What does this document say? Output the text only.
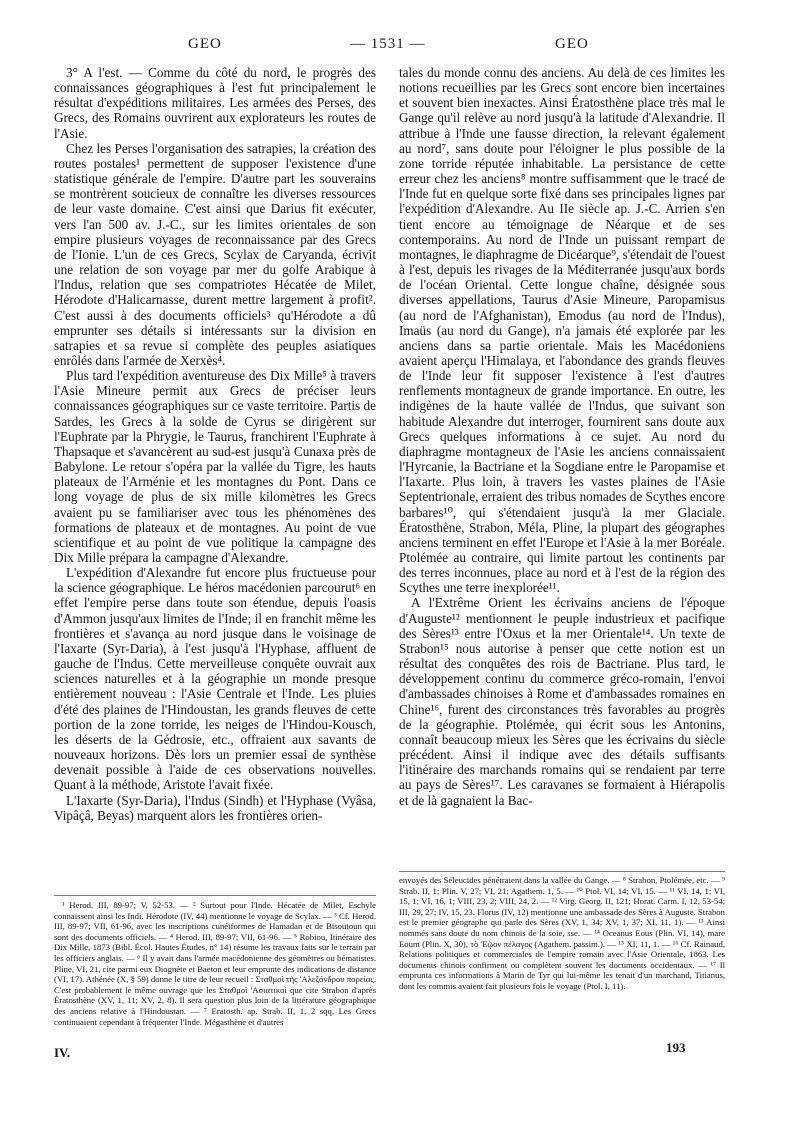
GEO	— 1531 —	GEO

3° A l'est. — Comme du côté du nord, le progrès des connaissances géographiques à l'est fut principalement le résultat d'expéditions militaires. Les armées des Perses, des Grecs, des Romains ouvrirent aux explorateurs les routes de l'Asie.

Chez les Perses l'organisation des satrapies, la création des routes postales¹ permettent de supposer l'existence d'une statistique générale de l'empire. D'autre part les souverains se montrèrent soucieux de connaître les diverses ressources de leur vaste domaine. C'est ainsi que Darius fit exécuter, vers l'an 500 av. J.-C., sur les limites orientales de son empire plusieurs voyages de reconnaissance par des Grecs de l'Ionie. L'un de ces Grecs, Scylax de Caryanda, écrivit une relation de son voyage par mer du golfe Arabique à l'Indus, relation que ses compatriotes Hécatée de Milet, Hérodote d'Halicarnasse, durent mettre largement à profit². C'est aussi à des documents officiels³ qu'Hérodote a dû emprunter ses détails si intéressants sur la division en satrapies et sa revue si complète des peuples asiatiques enrôlés dans l'armée de Xerxès⁴.

Plus tard l'expédition aventureuse des Dix Mille⁵ à travers l'Asie Mineure permit aux Grecs de préciser leurs connaissances géographiques sur ce vaste territoire. Partis de Sardes, les Grecs à la solde de Cyrus se dirigèrent sur l'Euphrate par la Phrygie, le Taurus, franchirent l'Euphrate à Thapsaque et s'avancèrent au sud-est jusqu'à Cunaxa près de Babylone. Le retour s'opéra par la vallée du Tigre, les hauts plateaux de l'Arménie et les montagnes du Pont. Dans ce long voyage de plus de six mille kilomètres les Grecs avaient pu se familiariser avec tous les phénomènes des formations de plateaux et de montagnes. Au point de vue scientifique et au point de vue politique la campagne des Dix Mille prépara la campagne d'Alexandre.

L'expédition d'Alexandre fut encore plus fructueuse pour la science géographique. Le héros macédonien parcourut⁶ en effet l'empire perse dans toute son étendue, depuis l'oasis d'Ammon jusqu'aux limites de l'Inde; il en franchit même les frontières et s'avança au nord jusque dans le voisinage de l'Iaxarte (Syr-Daria), à l'est jusqu'à l'Hyphase, affluent de gauche de l'Indus. Cette merveilleuse conquête ouvrait aux sciences naturelles et à la géographie un monde presque entièrement nouveau : l'Asie Centrale et l'Inde. Les pluies d'été des plaines de l'Hindoustan, les grands fleuves de cette portion de la zone torride, les neiges de l'Hindou-Kousch, les déserts de la Gédrosie, etc., offraient aux savants de nouveaux horizons. Dès lors un premier essai de synthèse devenait possible à l'aide de ces observations nouvelles. Quant à la méthode, Aristote l'avait fixée.

L'Iaxarte (Syr-Daria), l'Indus (Sindh) et l'Hyphase (Vyâsa, Vipâçâ, Beyas) marquent alors les frontières orien-

tales du monde connu des anciens. Au delà de ces limites les notions recueillies par les Grecs sont encore bien incertaines et souvent bien inexactes. Ainsi Ératosthène place très mal le Gange qu'il relève au nord jusqu'à la latitude d'Alexandrie. Il attribue à l'Inde une fausse direction, la relevant également au nord⁷, sans doute pour l'éloigner le plus possible de la zone torride réputée inhabitable. La persistance de cette erreur chez les anciens⁸ montre suffisamment que le tracé de l'Inde fut en quelque sorte fixé dans ses principales lignes par l'expédition d'Alexandre. Au IIe siècle ap. J.-C. Arrien s'en tient encore au témoignage de Néarque et de ses contemporains. Au nord de l'Inde un puissant rempart de montagnes, le diaphragme de Dicéarque⁹, s'étendait de l'ouest à l'est, depuis les rivages de la Méditerranée jusqu'aux bords de l'océan Oriental. Cette longue chaîne, désignée sous diverses appellations, Taurus d'Asie Mineure, Paropamisus (au nord de l'Afghanistan), Emodus (au nord de l'Indus), Imaüs (au nord du Gange), n'a jamais été explorée par les anciens dans sa partie orientale. Mais les Macédoniens avaient aperçu l'Himalaya, et l'abondance des grands fleuves de l'Inde leur fit supposer l'existence à l'est d'autres renflements montagneux de grande importance. En outre, les indigènes de la haute vallée de l'Indus, que suivant son habitude Alexandre dut interroger, fournirent sans doute aux Grecs quelques informations à ce sujet. Au nord du diaphragme montagneux de l'Asie les anciens connaissaient l'Hyrcanie, la Bactriane et la Sogdiane entre le Paropamise et l'Iaxarte. Plus loin, à travers les vastes plaines de l'Asie Septentrionale, erraient des tribus nomades de Scythes encore barbares¹⁰, qui s'étendaient jusqu'à la mer Glaciale. Ératosthène, Strabon, Méla, Pline, la plupart des géographes anciens terminent en effet l'Europe et l'Asie à la mer Boréale. Ptolémée au contraire, qui limite partout les continents par des terres inconnues, place au nord et à l'est de la région des Scythes une terre inexplorée¹¹.

A l'Extrême Orient les écrivains anciens de l'époque d'Auguste¹² mentionnent le peuple industrieux et pacifique des Sères¹³ entre l'Oxus et la mer Orientale¹⁴. Un texte de Strabon¹⁵ nous autorise à penser que cette notion est un résultat des conquêtes des rois de Bactriane. Plus tard, le développement continu du commerce gréco-romain, l'envoi d'ambassades chinoises à Rome et d'ambassades romaines en Chine¹⁶, furent des circonstances très favorables au progrès de la géographie. Ptolémée, qui écrit sous les Antonins, connaît beaucoup mieux les Sères que les écrivains du siècle précédent. Ainsi il indique avec des détails suffisants l'itinéraire des marchands romains qui se rendaient par terre au pays de Sères¹⁷. Les caravanes se formaient à Hiérapolis et de là gagnaient la Bac-

¹ Herod. III, 89-97; V, 52-53. — ² Surtout pour l'Inde. Hécatée de Milet, Eschyle connaissent ainsi les Indi. Hérodote (IV, 44) mentionne le voyage de Scylax. — ³ Cf. Herod. III, 89-97; VII, 61-96, avec les inscriptions cunéiformes de Hamadan et de Bisoutoun qui sont des documents officiels. — ⁴ Herod. III, 89-97; VII, 61-96. — ⁵ Robiou, Itinéraire des Dix Mille, 1873 (Bibl. Écol. Hautes Études, n° 14) résume les travaux faits sur le terrain par les officiers anglais. — ⁶ Il y avait dans l'armée macédonienne des géomètres ou bématistes. Pline, VI, 21, cite parmi eux Diognète et Baeton et leur emprunte des indications de distance (VI, 17). Athénée (X, § 59) donne le titre de leur recueil : Σταθμοὶ τῆς 'Αλεξάνδρου πορείας. C'est probablement le même ouvrage que les Σταθμοὶ 'Ασιατικοί que cite Strabon d'après Ératosthène (XV, 1, 11; XV, 2, 8). Il sera question plus loin de la littérature géographique des anciens relative à l'Hindoustan. — ⁷ Eratosth. ap. Strab. II, 1, 2 sqq. Les Grecs continuaient cependant à fréquenter l'Inde. Mégasthène et d'autres

envoyés des Séleucides pénétraient dans la vallée du Gange. — ⁸ Strabon, Ptolémée, etc. — ⁹ Strab. II, 1; Plin. V, 27; VI, 21; Agathem. 1, 5. — ¹⁰ Ptol. VI, 14; VI, 15. — ¹¹ VI, 14, 1; VI, 15, 1; VI, 16, 1; VIII, 23, 2; VIII, 24, 2. — ¹² Virg. Georg. II, 121; Horat. Carm. I, 12, 53-54; III, 29, 27; IV, 15, 23. Florus (IV, 12) mentionne une ambassade des Sères à Auguste. Strabon est le premier géographe qui parle des Sères (XV, 1, 34; XV, 1, 37; XI, 11, 1). — ¹³ Ainsi nommés sans doute du nom chinois de la soie, sse. — ¹⁴ Oceanus Eous (Plin. VI, 14), mare Eoum (Plin. X, 30), τὸ 'Εῷον πέλαγος (Agathem. passim.). — ¹⁵ XI, 11, 1. — ¹⁶ Cf. Rainaud, Relations politiques et commerciales de l'empire romain avec l'Asie Orientale, 1863. Les documents chinois confirment ou complètent souvent les documents occidentaux. — ¹⁷ Il emprunta ces informations à Marin de Tyr qui lui-même les tenait d'un marchand, Titianus, dont les commis avaient fait plusieurs fois le voyage (Ptol. I, 11).

IV.	193
